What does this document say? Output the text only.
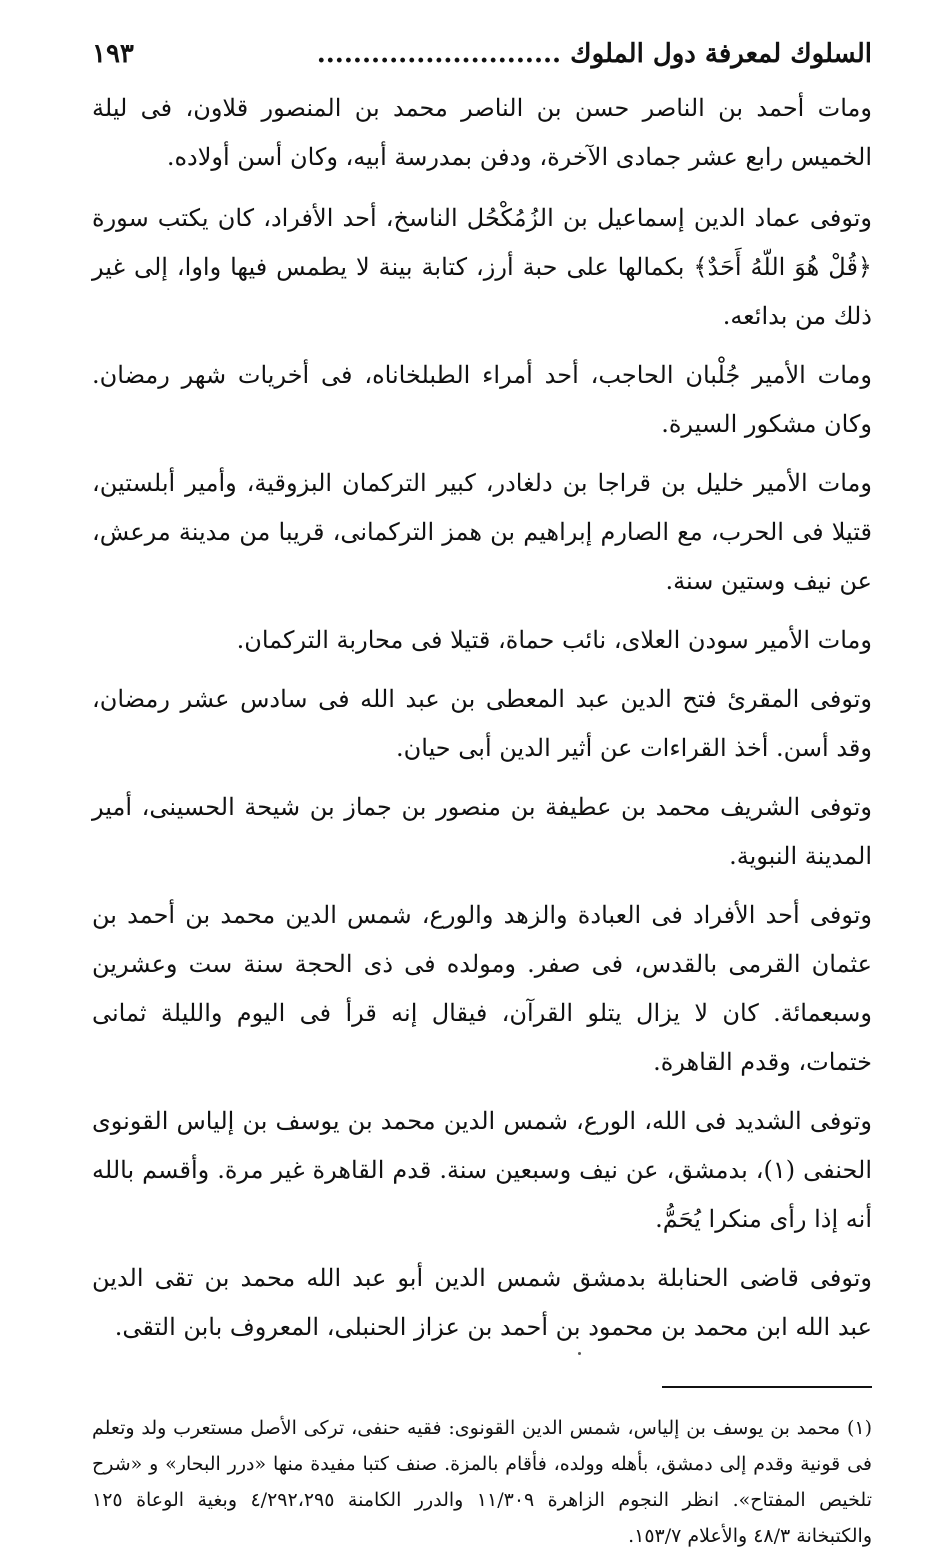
السلوك لمعرفة دول الملوك ...........................
١٩٣

ومات أحمد بن الناصر حسن بن الناصر محمد بن المنصور قلاون، فى ليلة الخميس رابع عشر جمادى الآخرة، ودفن بمدرسة أبيه، وكان أسن أولاده.

وتوفى عماد الدين إسماعيل بن الزُمُكْحُل الناسخ، أحد الأفراد، كان يكتب سورة ﴿قُلْ هُوَ اللّهُ أَحَدٌ﴾ بكمالها على حبة أرز، كتابة بينة لا يطمس فيها واوا، إلى غير ذلك من بدائعه.

ومات الأمير جُلْبان الحاجب، أحد أمراء الطبلخاناه، فى أخريات شهر رمضان. وكان مشكور السيرة.

ومات الأمير خليل بن قراجا بن دلغادر، كبير التركمان البزوقية، وأمير أبلستين، قتيلا فى الحرب، مع الصارم إبراهيم بن همز التركمانى، قريبا من مدينة مرعش، عن نيف وستين سنة.

ومات الأمير سودن العلاى، نائب حماة، قتيلا فى محاربة التركمان.

وتوفى المقرئ فتح الدين عبد المعطى بن عبد الله فى سادس عشر رمضان، وقد أسن. أخذ القراءات عن أثير الدين أبى حيان.

وتوفى الشريف محمد بن عطيفة بن منصور بن جماز بن شيحة الحسينى، أمير المدينة النبوية.

وتوفى أحد الأفراد فى العبادة والزهد والورع، شمس الدين محمد بن أحمد بن عثمان القرمى بالقدس، فى صفر. ومولده فى ذى الحجة سنة ست وعشرين وسبعمائة. كان لا يزال يتلو القرآن، فيقال إنه قرأ فى اليوم والليلة ثمانى ختمات، وقدم القاهرة.

وتوفى الشديد فى الله، الورع، شمس الدين محمد بن يوسف بن إلياس القونوى الحنفى (١)، بدمشق، عن نيف وسبعين سنة. قدم القاهرة غير مرة. وأقسم بالله أنه إذا رأى منكرا يُحَمُّ.

وتوفى قاضى الحنابلة بدمشق شمس الدين أبو عبد الله محمد بن تقى الدين عبد الله ابن محمد بن محمود بن أحمد بن عزاز الحنبلى، المعروف بابن التقى.

(١) محمد بن يوسف بن إلياس، شمس الدين القونوى: فقيه حنفى، تركى الأصل مستعرب ولد وتعلم فى قونية وقدم إلى دمشق، بأهله وولده، فأقام بالمزة. صنف كتبا مفيدة منها «درر البحار» و «شرح تلخيص المفتاح». انظر النجوم الزاهرة ١١/٣٠٩ والدرر الكامنة ٤/٢٩٢،٢٩٥ وبغية الوعاة ١٢٥ والكتبخانة ٤٨/٣ والأعلام ١٥٣/٧.
